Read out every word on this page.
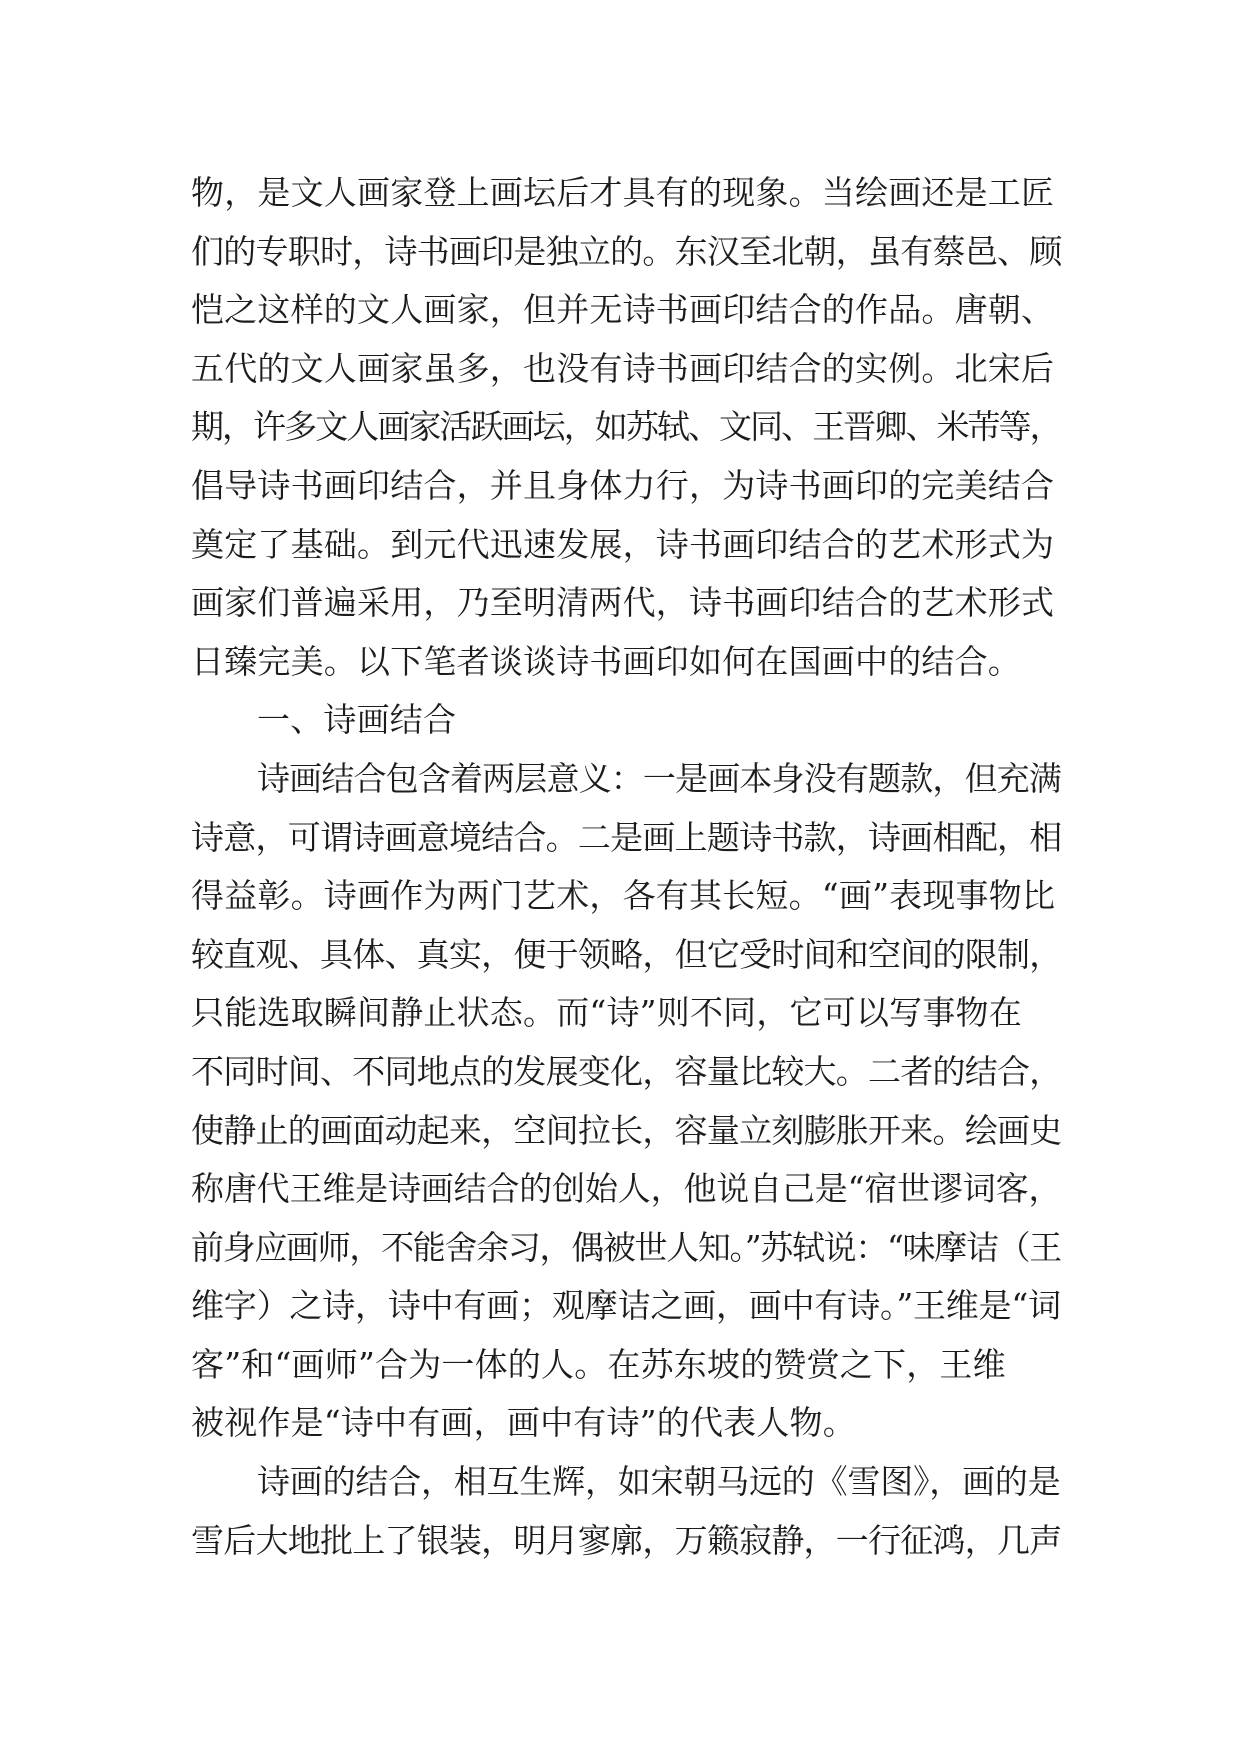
物，是文人画家登上画坛后才具有的现象。当绘画还是工匠
们的专职时，诗书画印是独立的。东汉至北朝，虽有蔡邑、顾
恺之这样的文人画家，但并无诗书画印结合的作品。唐朝、
五代的文人画家虽多，也没有诗书画印结合的实例。北宋后
期，许多文人画家活跃画坛，如苏轼、文同、王晋卿、米芾等，
倡导诗书画印结合，并且身体力行，为诗书画印的完美结合
奠定了基础。到元代迅速发展，诗书画印结合的艺术形式为
画家们普遍采用，乃至明清两代，诗书画印结合的艺术形式
日臻完美。以下笔者谈谈诗书画印如何在国画中的结合。
一、诗画结合
诗画结合包含着两层意义：一是画本身没有题款，但充满
诗意，可谓诗画意境结合。二是画上题诗书款，诗画相配，相
得益彰。诗画作为两门艺术，各有其长短。“画”表现事物比
较直观、具体、真实，便于领略，但它受时间和空间的限制，
只能选取瞬间静止状态。而“诗”则不同，它可以写事物在
不同时间、不同地点的发展变化，容量比较大。二者的结合，
使静止的画面动起来，空间拉长，容量立刻膨胀开来。绘画史
称唐代王维是诗画结合的创始人，他说自己是“宿世谬词客，
前身应画师，不能舍余习，偶被世人知。”苏轼说：“味摩诘（王
维字）之诗，诗中有画；观摩诘之画，画中有诗。”王维是“词
客”和“画师”合为一体的人。在苏东坡的赞赏之下，王维
被视作是“诗中有画，画中有诗”的代表人物。
诗画的结合，相互生辉，如宋朝马远的《雪图》，画的是
雪后大地批上了银装，明月寥廓，万籁寂静，一行征鸿，几声
